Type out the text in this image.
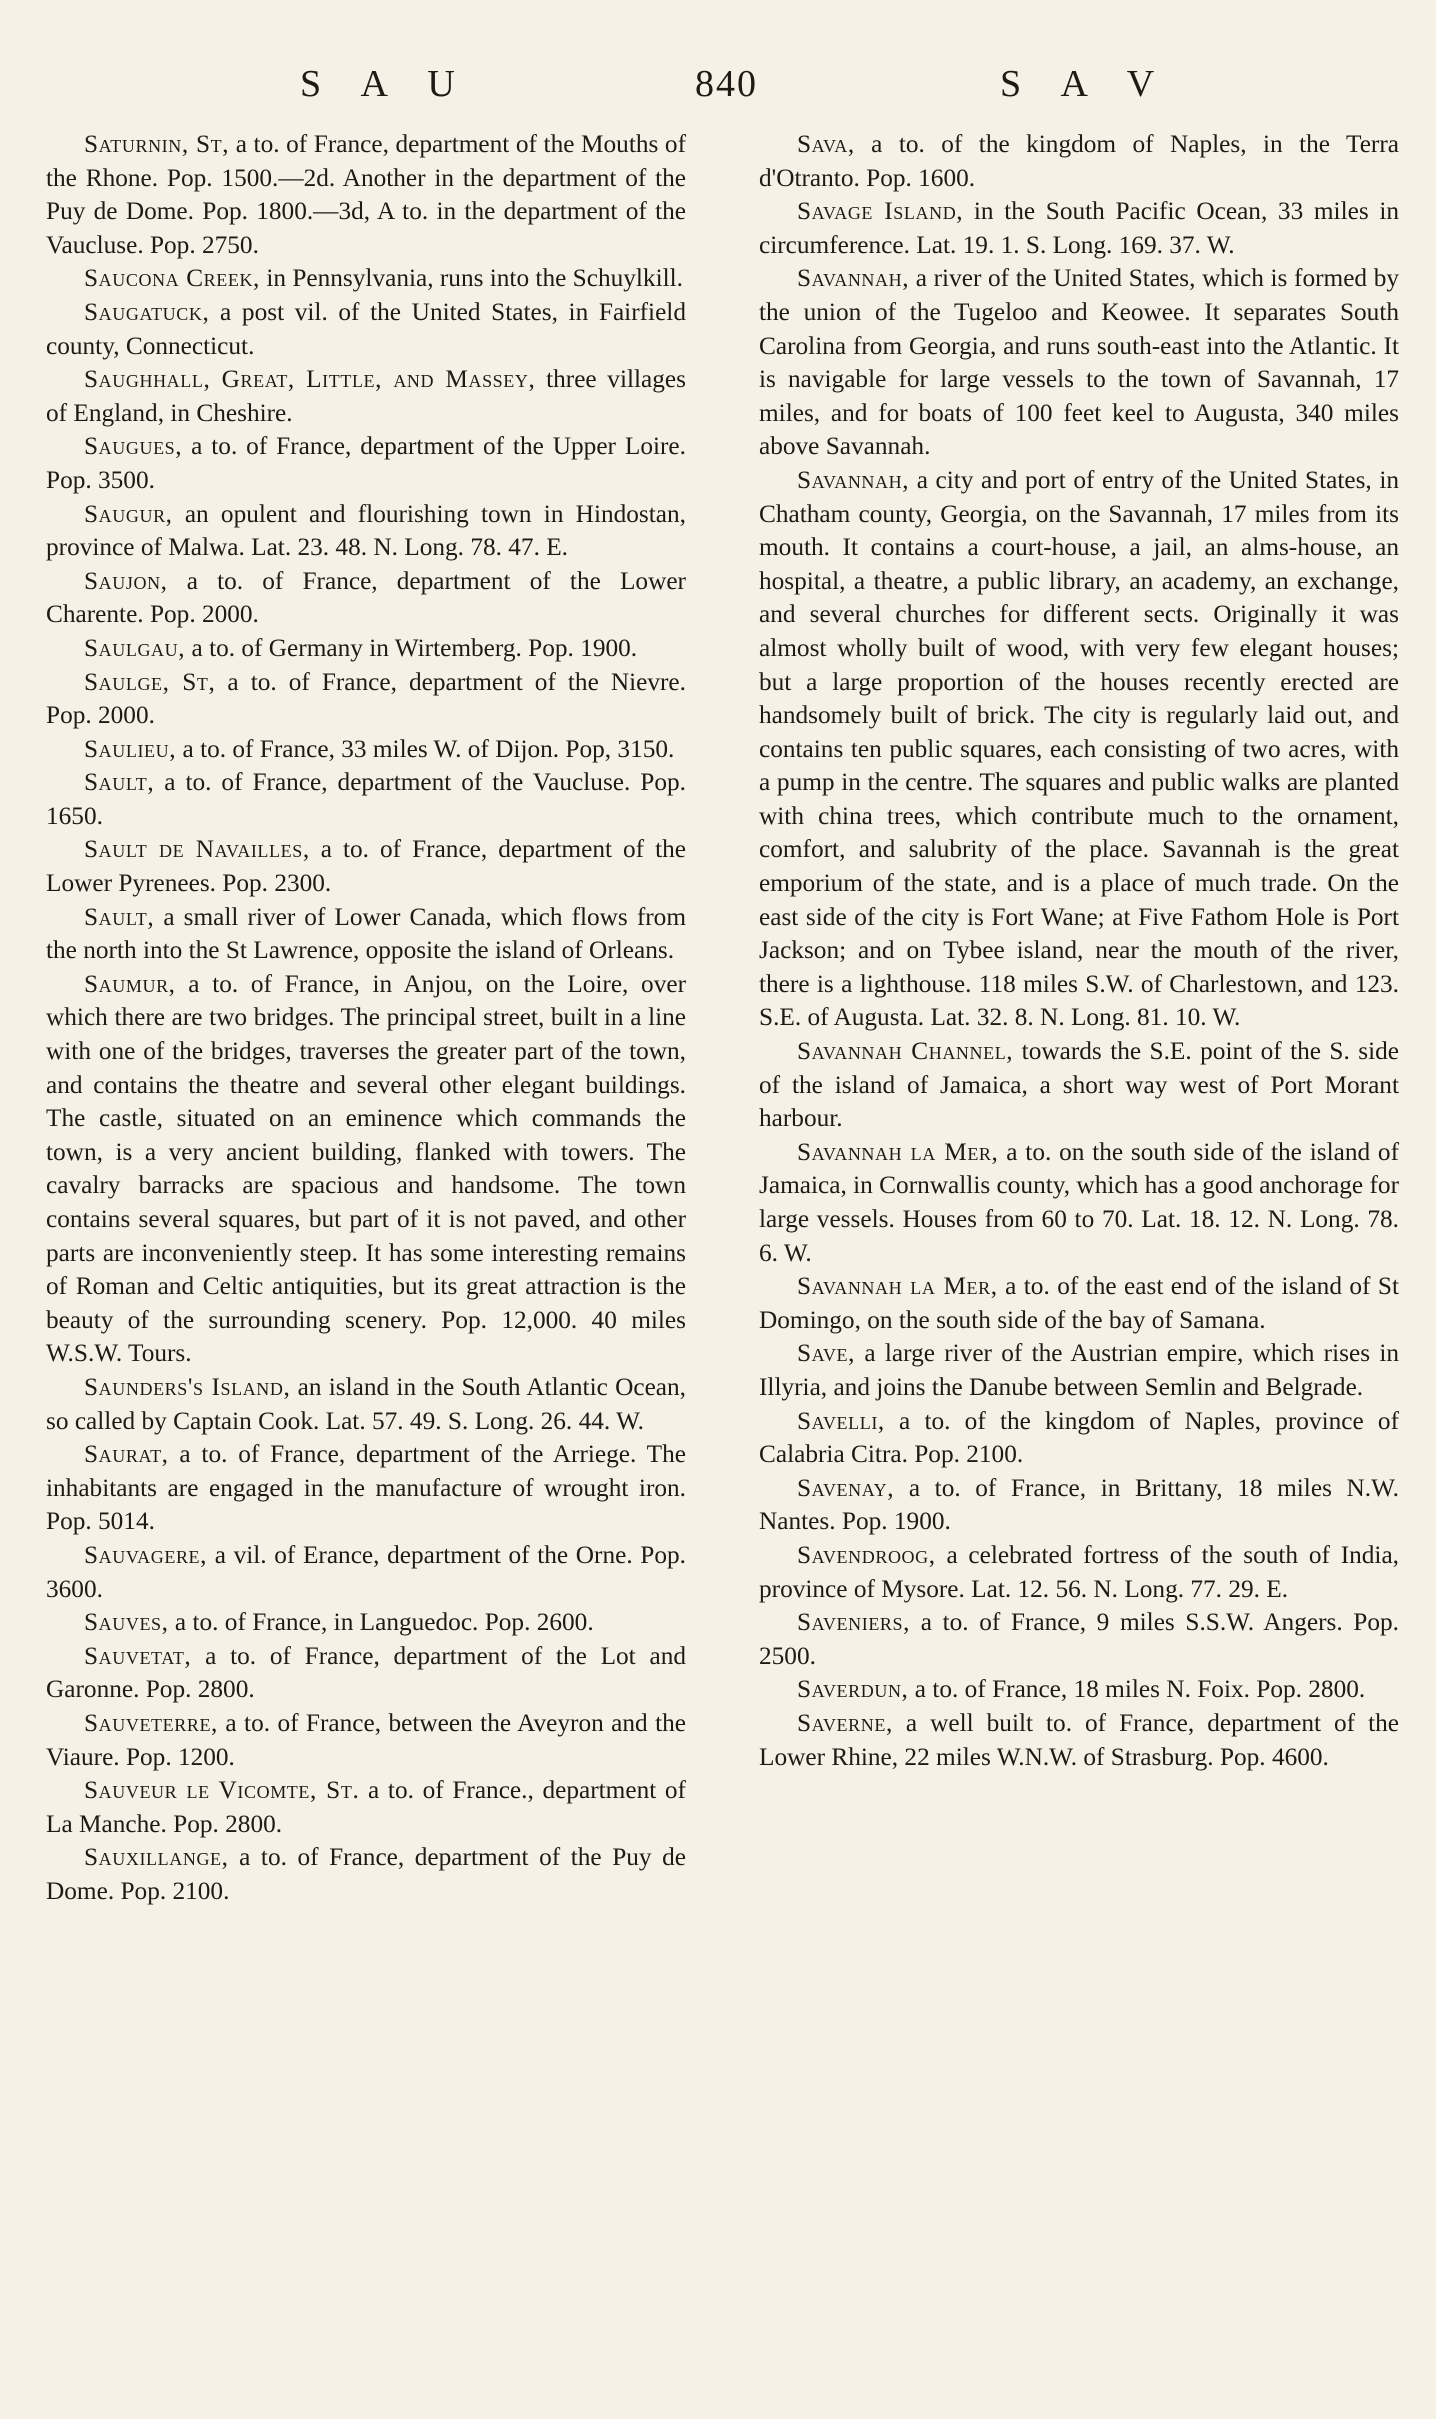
S A U	840	S A V

Saturnin, St, a to. of France, department of the Mouths of the Rhone. Pop. 1500.—2d. Another in the department of the Puy de Dome. Pop. 1800.—3d, A to. in the department of the Vaucluse. Pop. 2750.

Saucona Creek, in Pennsylvania, runs into the Schuylkill.

Saugatuck, a post vil. of the United States, in Fairfield county, Connecticut.

Saughhall, Great, Little, and Massey, three villages of England, in Cheshire.

Saugues, a to. of France, department of the Upper Loire. Pop. 3500.

Saugur, an opulent and flourishing town in Hindostan, province of Malwa. Lat. 23. 48. N. Long. 78. 47. E.

Saujon, a to. of France, department of the Lower Charente. Pop. 2000.

Saulgau, a to. of Germany in Wirtemberg. Pop. 1900.

Saulge, St, a to. of France, department of the Nievre. Pop. 2000.

Saulieu, a to. of France, 33 miles W. of Dijon. Pop, 3150.

Sault, a to. of France, department of the Vaucluse. Pop. 1650.

Sault de Navailles, a to. of France, department of the Lower Pyrenees. Pop. 2300.

Sault, a small river of Lower Canada, which flows from the north into the St Lawrence, opposite the island of Orleans.

Saumur, a to. of France, in Anjou, on the Loire, over which there are two bridges. The principal street, built in a line with one of the bridges, traverses the greater part of the town, and contains the theatre and several other elegant buildings. The castle, situated on an eminence which commands the town, is a very ancient building, flanked with towers. The cavalry barracks are spacious and handsome. The town contains several squares, but part of it is not paved, and other parts are inconveniently steep. It has some interesting remains of Roman and Celtic antiquities, but its great attraction is the beauty of the surrounding scenery. Pop. 12,000. 40 miles W.S.W. Tours.

Saunders's Island, an island in the South Atlantic Ocean, so called by Captain Cook. Lat. 57. 49. S. Long. 26. 44. W.

Saurat, a to. of France, department of the Arriege. The inhabitants are engaged in the manufacture of wrought iron. Pop. 5014.

Sauvagere, a vil. of Erance, department of the Orne. Pop. 3600.

Sauves, a to. of France, in Languedoc. Pop. 2600.

Sauvetat, a to. of France, department of the Lot and Garonne. Pop. 2800.

Sauveterre, a to. of France, between the Aveyron and the Viaure. Pop. 1200.

Sauveur le Vicomte, St. a to. of France., department of La Manche. Pop. 2800.

Sauxillange, a to. of France, department of the Puy de Dome. Pop. 2100.

Sava, a to. of the kingdom of Naples, in the Terra d'Otranto. Pop. 1600.

Savage Island, in the South Pacific Ocean, 33 miles in circumference. Lat. 19. 1. S. Long. 169. 37. W.

Savannah, a river of the United States, which is formed by the union of the Tugeloo and Keowee. It separates South Carolina from Georgia, and runs south-east into the Atlantic. It is navigable for large vessels to the town of Savannah, 17 miles, and for boats of 100 feet keel to Augusta, 340 miles above Savannah.

Savannah, a city and port of entry of the United States, in Chatham county, Georgia, on the Savannah, 17 miles from its mouth. It contains a court-house, a jail, an alms-house, an hospital, a theatre, a public library, an academy, an exchange, and several churches for different sects. Originally it was almost wholly built of wood, with very few elegant houses; but a large proportion of the houses recently erected are handsomely built of brick. The city is regularly laid out, and contains ten public squares, each consisting of two acres, with a pump in the centre. The squares and public walks are planted with china trees, which contribute much to the ornament, comfort, and salubrity of the place. Savannah is the great emporium of the state, and is a place of much trade. On the east side of the city is Fort Wane; at Five Fathom Hole is Port Jackson; and on Tybee island, near the mouth of the river, there is a lighthouse. 118 miles S.W. of Charlestown, and 123. S.E. of Augusta. Lat. 32. 8. N. Long. 81. 10. W.

Savannah Channel, towards the S.E. point of the S. side of the island of Jamaica, a short way west of Port Morant harbour.

Savannah la Mer, a to. on the south side of the island of Jamaica, in Cornwallis county, which has a good anchorage for large vessels. Houses from 60 to 70. Lat. 18. 12. N. Long. 78. 6. W.

Savannah la Mer, a to. of the east end of the island of St Domingo, on the south side of the bay of Samana.

Save, a large river of the Austrian empire, which rises in Illyria, and joins the Danube between Semlin and Belgrade.

Savelli, a to. of the kingdom of Naples, province of Calabria Citra. Pop. 2100.

Savenay, a to. of France, in Brittany, 18 miles N.W. Nantes. Pop. 1900.

Savendroog, a celebrated fortress of the south of India, province of Mysore. Lat. 12. 56. N. Long. 77. 29. E.

Saveniers, a to. of France, 9 miles S.S.W. Angers. Pop. 2500.

Saverdun, a to. of France, 18 miles N. Foix. Pop. 2800.

Saverne, a well built to. of France, department of the Lower Rhine, 22 miles W.N.W. of Strasburg. Pop. 4600.
